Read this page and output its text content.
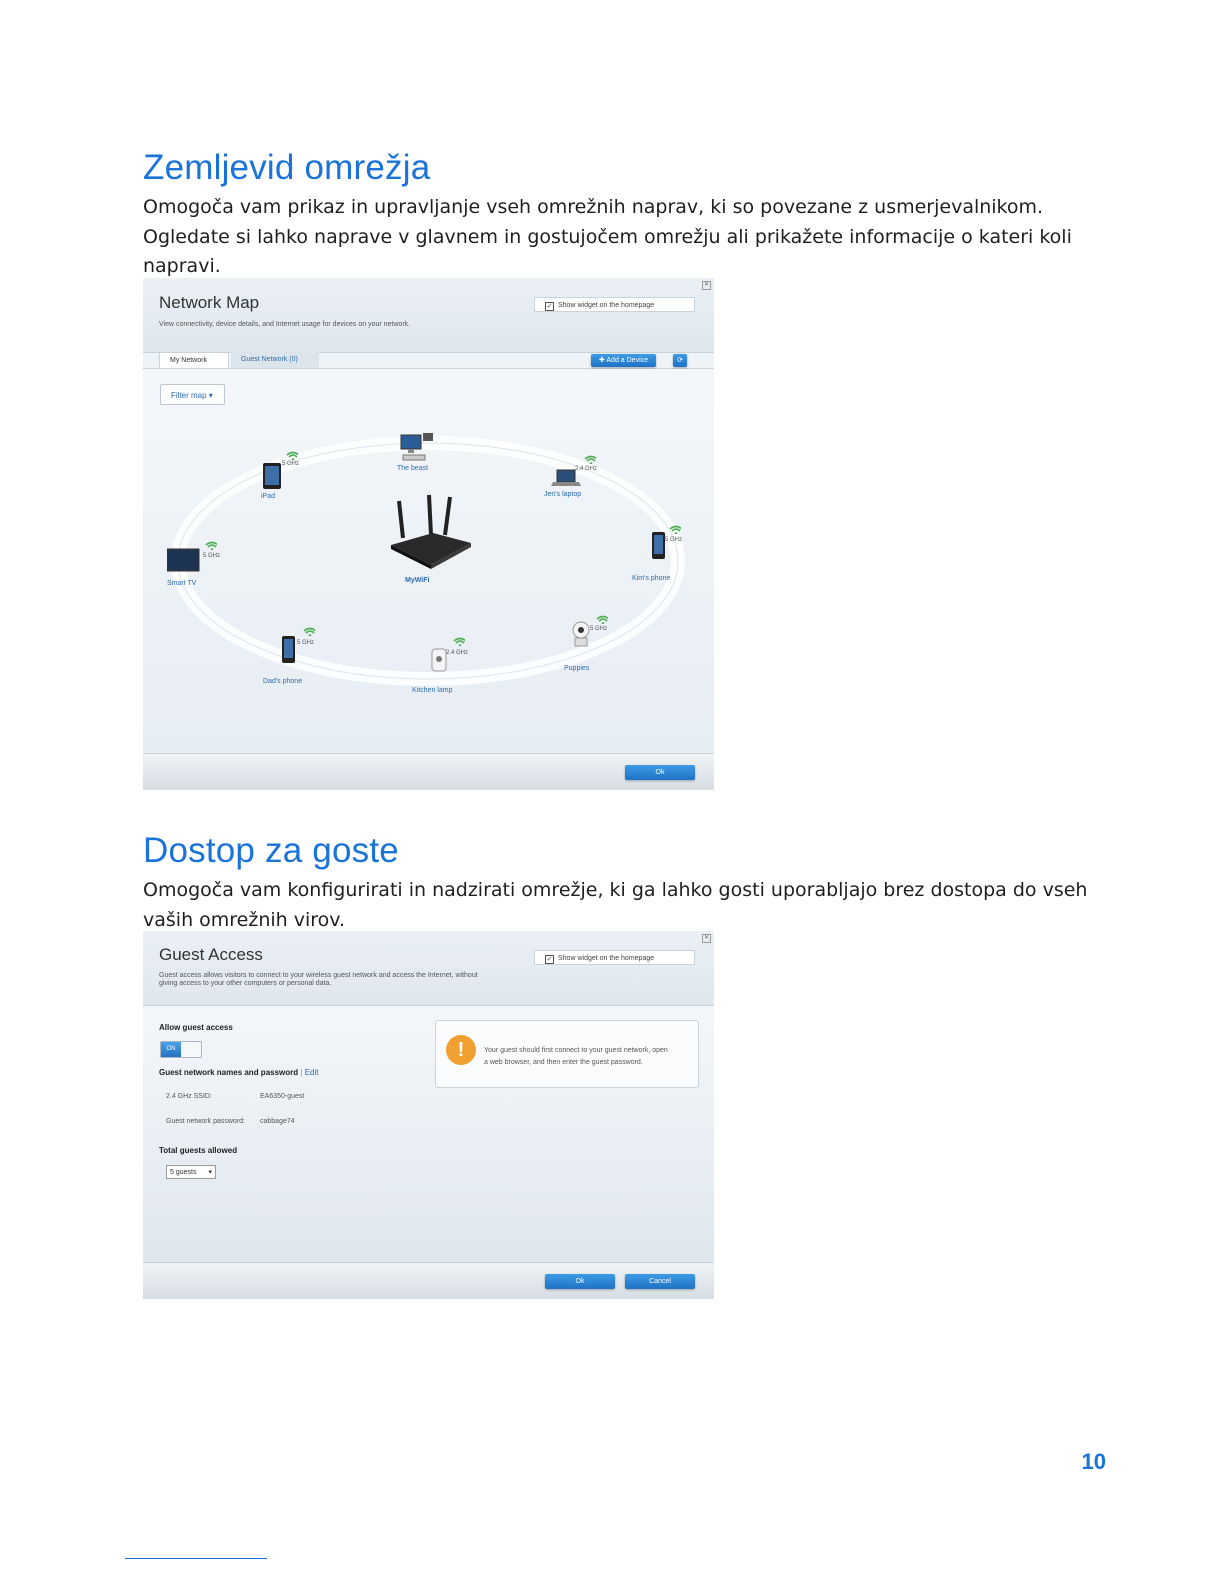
Zemljevid omrežja

Omogoča vam prikaz in upravljanje vseh omrežnih naprav, ki so povezane z usmerjevalnikom.
Ogledate si lahko naprave v glavnem in gostujočem omrežju ali prikažete informacije o kateri koli
napravi.

Network Map
View connectivity, device details, and Internet usage for devices on your network.
✓ Show widget on the homepage
✕
My Network	Guest Network (0)	✚ Add a Device	⟳
Filter map ▾
MyWiFi
The beast
5 GHz
iPad
2.4 GHz
Jen's laptop
5 GHz
Smart TV
5 GHz
Kim's phone
5 GHz
Dad's phone
2.4 GHz
Kitchen lamp
5 GHz
Puppies
Ok
Dostop za goste

Omogoča vam konfigurirati in nadzirati omrežje, ki ga lahko gosti uporabljajo brez dostopa do vseh
vaših omrežnih virov.

Guest Access
Guest access allows visitors to connect to your wireless guest network and access the Internet, without
giving access to your other computers or personal data.
✓ Show widget on the homepage
✕
Allow guest access
ON
Guest network names and password | Edit
2.4 GHz SSID:	EA6350-guest
Guest network password: cabbage74
Total guests allowed
5 guests ▾
!	Your guest should first connect to your guest network, open
a web browser, and then enter the guest password.
Ok	Cancel
10
